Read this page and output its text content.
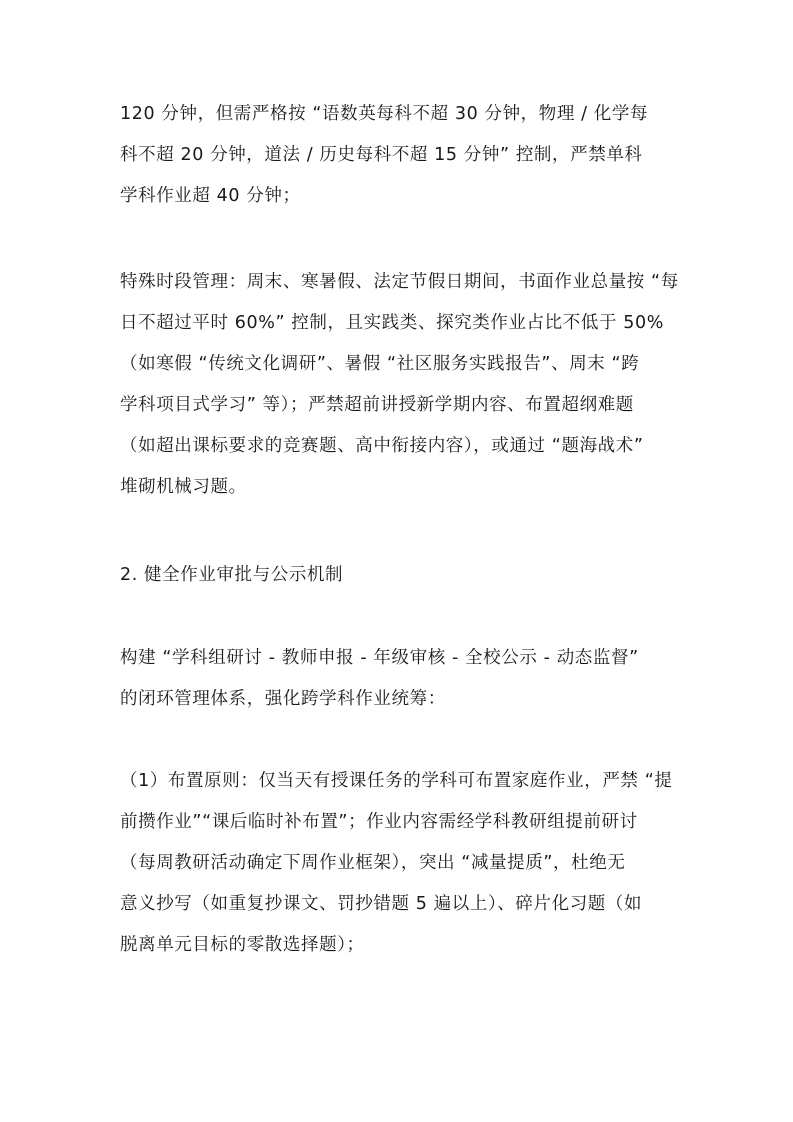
120 分钟，但需严格按 “语数英每科不超 30 分钟，物理 / 化学每
科不超 20 分钟，道法 / 历史每科不超 15 分钟” 控制，严禁单科
学科作业超 40 分钟；

特殊时段管理：周末、寒暑假、法定节假日期间，书面作业总量按 “每
日不超过平时 60%” 控制，且实践类、探究类作业占比不低于 50%
（如寒假 “传统文化调研”、暑假 “社区服务实践报告”、周末 “跨
学科项目式学习” 等）；严禁超前讲授新学期内容、布置超纲难题
（如超出课标要求的竞赛题、高中衔接内容），或通过 “题海战术”
堆砌机械习题。

2. 健全作业审批与公示机制

构建 “学科组研讨 - 教师申报 - 年级审核 - 全校公示 - 动态监督”
的闭环管理体系，强化跨学科作业统筹：

（1）布置原则：仅当天有授课任务的学科可布置家庭作业，严禁 “提
前攒作业”“课后临时补布置”；作业内容需经学科教研组提前研讨
（每周教研活动确定下周作业框架），突出 “减量提质”，杜绝无
意义抄写（如重复抄课文、罚抄错题 5 遍以上）、碎片化习题（如
脱离单元目标的零散选择题）；
